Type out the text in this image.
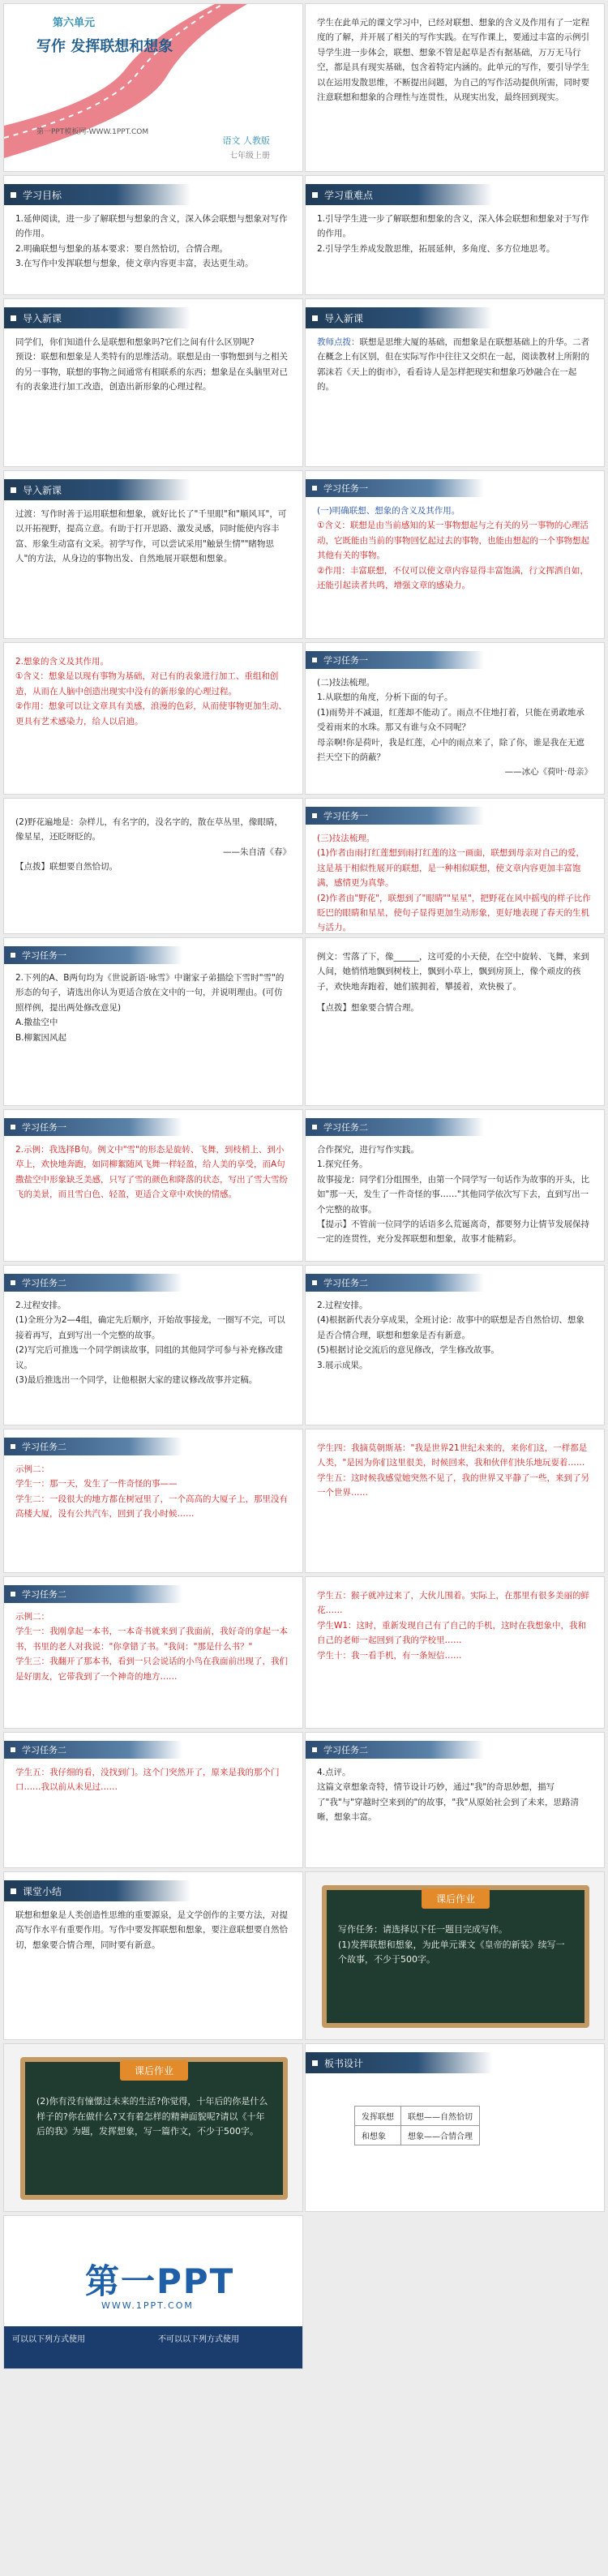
第六单元
写作 发挥联想和想象
第一PPT模板网-WWW.1PPT.COM
语文 人教版
七年级上册
学生在此单元的课文学习中，已经对联想、想象的含义及作用有了一定程度的了解，并开展了相关的写作实践。在写作课上，要通过丰富的示例引导学生进一步体会，联想、想象不管是起草是否有据基础，万万无马行空，都是具有现实基础，包含着特定内涵的。此单元的写作，要引导学生以在运用发散思维，不断提出问题，为自己的写作活动提供所需，同时要注意联想和想象的合理性与连贯性，从现实出发，最终回到现实。
学习目标
1.延伸阅读，进一步了解联想与想象的含义，深入体会联想与想象对写作的作用。
2.明确联想与想象的基本要求：要自然恰切，合情合理。
3.在写作中发挥联想与想象，使文章内容更丰富，表达更生动。
学习重难点
1.引导学生进一步了解联想和想象的含义，深入体会联想和想象对于写作的作用。
2.引导学生养成发散思维，拓展延伸，多角度、多方位地思考。
导入新课
同学们，你们知道什么是联想和想象吗?它们之间有什么区别呢?
预设：联想和想象是人类特有的思维活动。联想是由一事物想到与之相关的另一事物，联想的事物之间通常有相联系的东西；想象是在头脑里对已有的表象进行加工改造，创造出新形象的心理过程。
导入新课
教师点拨：联想是思维大厦的基础，而想象是在联想基础上的升华。二者在概念上有区别，但在实际写作中往往又交织在一起，阅读教材上所附的郭沫若《天上的街市》，看看诗人是怎样把现实和想象巧妙融合在一起的。
导入新课
过渡：写作时善于运用联想和想象，就好比长了"千里眼"和"顺风耳"，可以开拓视野，提高立意。有助于打开思路、激发灵感，同时能使内容丰富、形象生动富有文采。初学写作，可以尝试采用"触景生情""睹物思人"的方法，从身边的事物出发、自然地展开联想和想象。
学习任务一
(一)明确联想、想象的含义及其作用。
①含义：联想是由当前感知的某一事物想起与之有关的另一事物的心理活动，它既能由当前的事物回忆起过去的事物，也能由想起的一个事物想起其他有关的事物。
②作用：丰富联想，不仅可以使文章内容显得丰富饱满，行文挥洒自如，还能引起读者共鸣，增强文章的感染力。
2.想象的含义及其作用。
①含义：想象是以现有事物为基础，对已有的表象进行加工、重组和创造，从而在人脑中创造出现实中没有的新形象的心理过程。
②作用：想象可以让文章具有美感，浪漫的色彩，从而使事物更加生动、更具有艺术感染力，给人以启迪。
学习任务一
(二)技法梳理。
1.从联想的角度，分析下面的句子。
(1)雨势并不减退，红莲却不能动了。雨点不住地打着，只能在勇敢地承受着雨来的水珠。那又有谁与众不同呢？
母亲啊!你是荷叶，我是红莲，心中的雨点来了，除了你，谁是我在无遮拦天空下的荫蔽？
——冰心《荷叶·母亲》
(2)野花遍地是：杂样儿，有名字的，没名字的，散在草丛里，像眼睛，像星星，还眨呀眨的。
——朱自清《春》
【点拨】联想要自然恰切。
学习任务一
(三)技法梳理。
(1)作者由雨打红莲想到雨打红莲的这一画面，联想到母亲对自己的爱，这是基于相似性展开的联想，是一种相似联想，使文章内容更加丰富饱满，感情更为真挚。
(2)作者由"野花"，联想到了"眼睛""星星"，把野花在风中摇曳的样子比作眨巴的眼睛和星星，使句子显得更加生动形象，更好地表现了春天的生机与活力。
学习任务一
2.下列的A、B两句均为《世说新语·咏雪》中谢家子弟描绘下雪时"雪"的形态的句子，请选出你认为更适合放在文中的一句，并说明理由。(可仿照样例，提出两处修改意见)
A.撒盐空中
B.柳絮因风起
例文：雪落了下，像______，这可爱的小天使，在空中旋转、飞舞，来到人间，她悄悄地飘到树枝上，飘到小草上，飘到房顶上，像个顽皮的孩子，欢快地奔跑着，她们簇拥着，攀援着，欢快极了。
【点拨】想象要合情合理。
学习任务一
2.示例：我选择B句。例文中"雪"的形态是旋转、飞舞，到枝梢上、到小草上，欢快地奔跑，如同柳絮随风飞舞一样轻盈，给人美的享受，而A句撒盐空中形象缺乏美感，只写了雪的颜色和降落的状态，写出了雪大雪纷飞的美景，而且雪白色、轻盈，更适合文章中欢快的情感。
学习任务二
合作探究，进行写作实践。
1.探究任务。
故事接龙：同学们分组围坐，由第一个同学写一句话作为故事的开头，比如"那一天，发生了一件奇怪的事……"其他同学依次写下去，直到写出一个完整的故事。
【提示】不管前一位同学的话语多么荒诞离奇，都要努力让情节发展保持一定的连贯性，充分发挥联想和想象，故事才能精彩。
学习任务二
2.过程安排。
(1)全班分为2—4组，确定先后顺序，开始故事接龙，一圈写不完，可以接着再写，直到写出一个完整的故事。
(2)写完后可推选一个同学朗读故事，同组的其他同学可参与补充修改建议。
(3)最后推选出一个同学，让他根据大家的建议修改故事并定稿。
学习任务二
2.过程安排。
(4)根据新代表分享成果，全班讨论：故事中的联想是否自然恰切、想象是否合情合理，联想和想象是否有新意。
(5)根据讨论交流后的意见修改，学生修改故事。
3.展示成果。
学习任务二
示例二：
学生一：那一天，发生了一件奇怪的事——
学生二：一段很大的地方都在树冠里了，一个高高的大厦子上，那里没有高楼大厦，没有公共汽车，回到了我小时候……
学生四：我摘莫朝斯基："我是世界21世纪未来的，来你们这，一样都是人类，"是因为你们这里很美，时候回来，我和伙伴们快乐地玩耍着……
学生五：这时候我感觉她突然不见了，我的世界又平静了一些，来到了另一个世界……
学习任务二
示例二：
学生一：我刚拿起一本书，一本奇书就来到了我面前，我好奇的拿起一本书，书里的老人对我说："你拿错了书。"我问："那是什么书？"
学生三：我翻开了那本书，看到一只会说话的小鸟在我面前出现了，我们是好朋友，它带我到了一个神奇的地方……
学生五：猴子就冲过来了，大伙儿围着。实际上，在那里有很多美丽的鲜花……
学生W1：这时，重新发现自己有了自己的手机，这时在我想象中，我和自己的老师一起回到了我的学校里……
学生十：我一看手机，有一条短信……
学习任务二
学生五：我仔细的看，没找到门。这个门突然开了，原来是我的那个门口……我以前从未见过……
学习任务二
4.点评。
这篇文章想象奇特，情节设计巧妙，通过"我"的奇思妙想，描写了"我"与"穿越时空来到的"的故事，"我"从原始社会到了未来，思路清晰，想象丰富。
课堂小结
联想和想象是人类创造性思维的重要源泉，是文学创作的主要方法，对提高写作水平有重要作用。写作中要发挥联想和想象，要注意联想要自然恰切，想象要合情合理，同时要有新意。
课后作业
写作任务：请选择以下任一题目完成写作。
(1)发挥联想和想象，为此单元课文《皇帝的新装》续写一个故事，不少于500字。
课后作业
(2)你有没有憧憬过未来的生活?你觉得，十年后的你是什么样子的?你在做什么?又有着怎样的精神面貌呢?请以《十年后的我》为题，发挥想象，写一篇作文，不少于500字。
板书设计
发挥联想	联想——自然恰切
和想象	想象——合情合理
第一PPT
WWW.1PPT.COM
可以以下列方式使用	不可以以下列方式使用
